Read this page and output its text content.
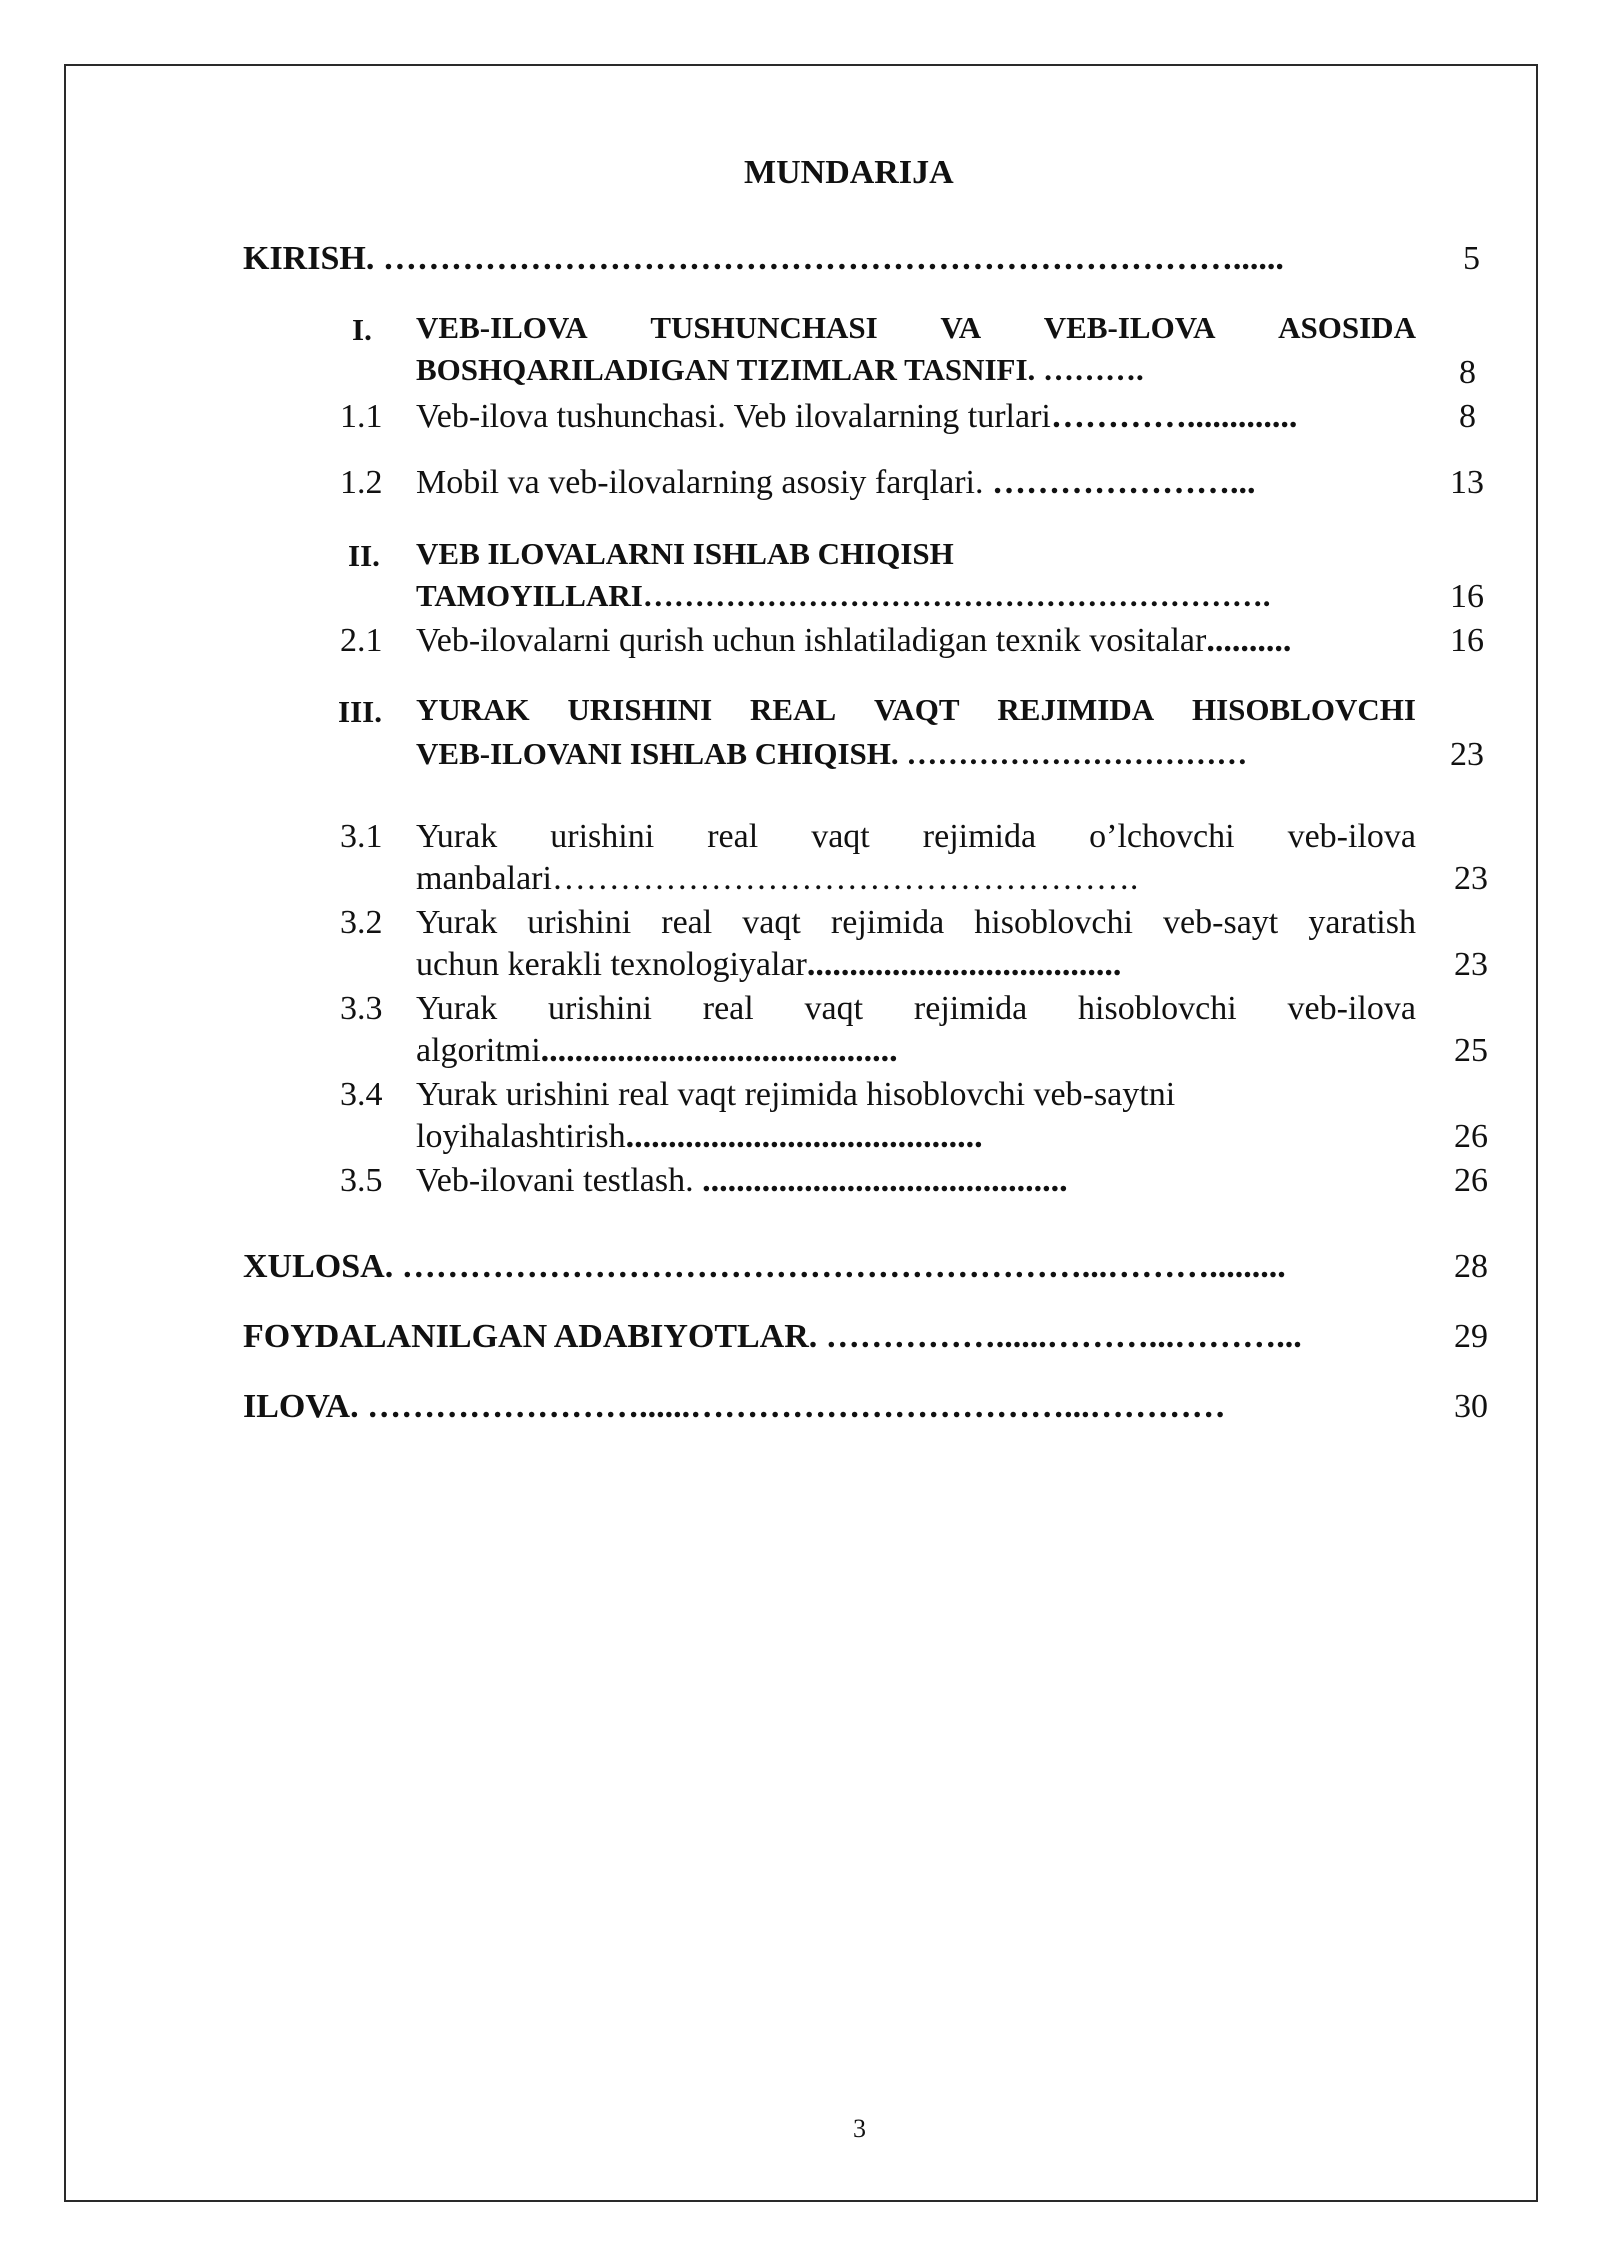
MUNDARIJA
KIRISH. …………………………………………………………………......	5
I. VEB-ILOVA TUSHUNCHASI VA VEB-ILOVA ASOSIDA
BOSHQARILADIGAN TIZIMLAR TASNIFI. ……….	8
1.1 Veb-ilova tushunchasi. Veb ilovalarning turlari………….............	8
1.2 Mobil va veb-ilovalarning asosiy farqlari. …………………...	13
II. VEB ILOVALARNI ISHLAB CHIQISH
TAMOYILLARI…………………………………………………….	16
2.1 Veb-ilovalarni qurish uchun ishlatiladigan texnik vositalar..........	16
III. YURAK URISHINI REAL VAQT REJIMIDA HISOBLOVCHI
VEB-ILOVANI ISHLAB CHIQISH. ……………………………	23
3.1 Yurak urishini real vaqt rejimida o’lchovchi veb-ilova
manbalari…………………………………………….	23
3.2 Yurak urishini real vaqt rejimida hisoblovchi veb-sayt yaratish
uchun kerakli texnologiyalar.....................................	23
3.3 Yurak urishini real vaqt rejimida hisoblovchi veb-ilova
algoritmi..........................................	25
3.4 Yurak urishini real vaqt rejimida hisoblovchi veb-saytni
loyihalashtirish..........................................	26
3.5 Veb-ilovani testlash. ...........................................	26
XULOSA. ……………………………………………………...……….........	28
FOYDALANILGAN ADABIYOTLAR. ……………......………...………...	29
ILOVA. ……………………......……………………………...…………	30
3
